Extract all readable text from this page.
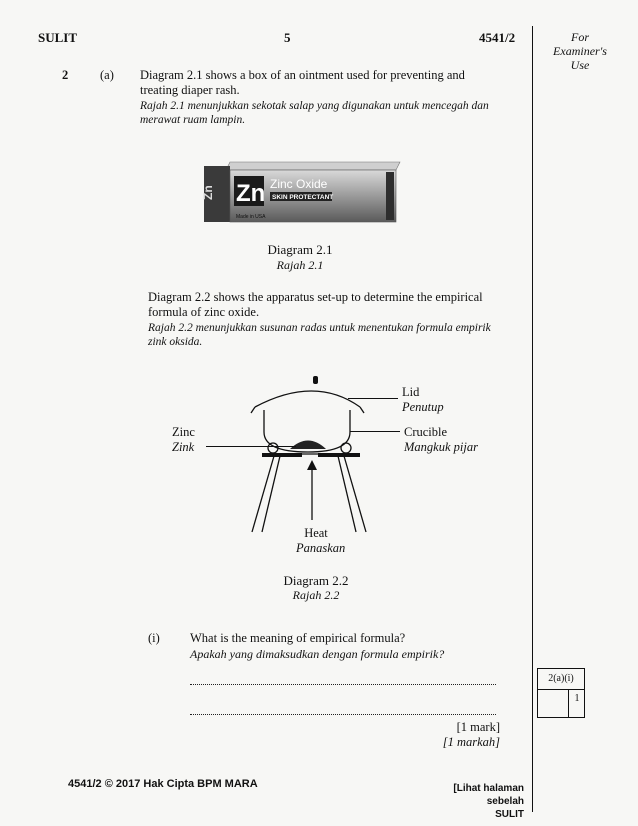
SULIT	5	4541/2	For
Examiner's
Use
2	(a) Diagram 2.1 shows a box of an ointment used for preventing and
treating diaper rash.
Rajah 2.1 menunjukkan sekotak salap yang digunakan untuk mencegah dan
merawat ruam lampin.
Zn Zinc Oxide
SKIN PROTECTANT
Zn
Made in USA
Diagram 2.1
Rajah 2.1
Diagram 2.2 shows the apparatus set-up to determine the empirical
formula of zinc oxide.
Rajah 2.2 menunjukkan susunan radas untuk menentukan formula empirik
zink oksida.
Lid
Penutup
Crucible
Mangkuk pijar
Zinc
Zink
Heat
Panaskan
Diagram 2.2
Rajah 2.2
(i) What is the meaning of empirical formula?
Apakah yang dimaksudkan dengan formula empirik?
[1 mark]
[1 markah]
2(a)(i)
1
4541/2 © 2017 Hak Cipta BPM MARA	[Lihat halaman sebelah
SULIT
